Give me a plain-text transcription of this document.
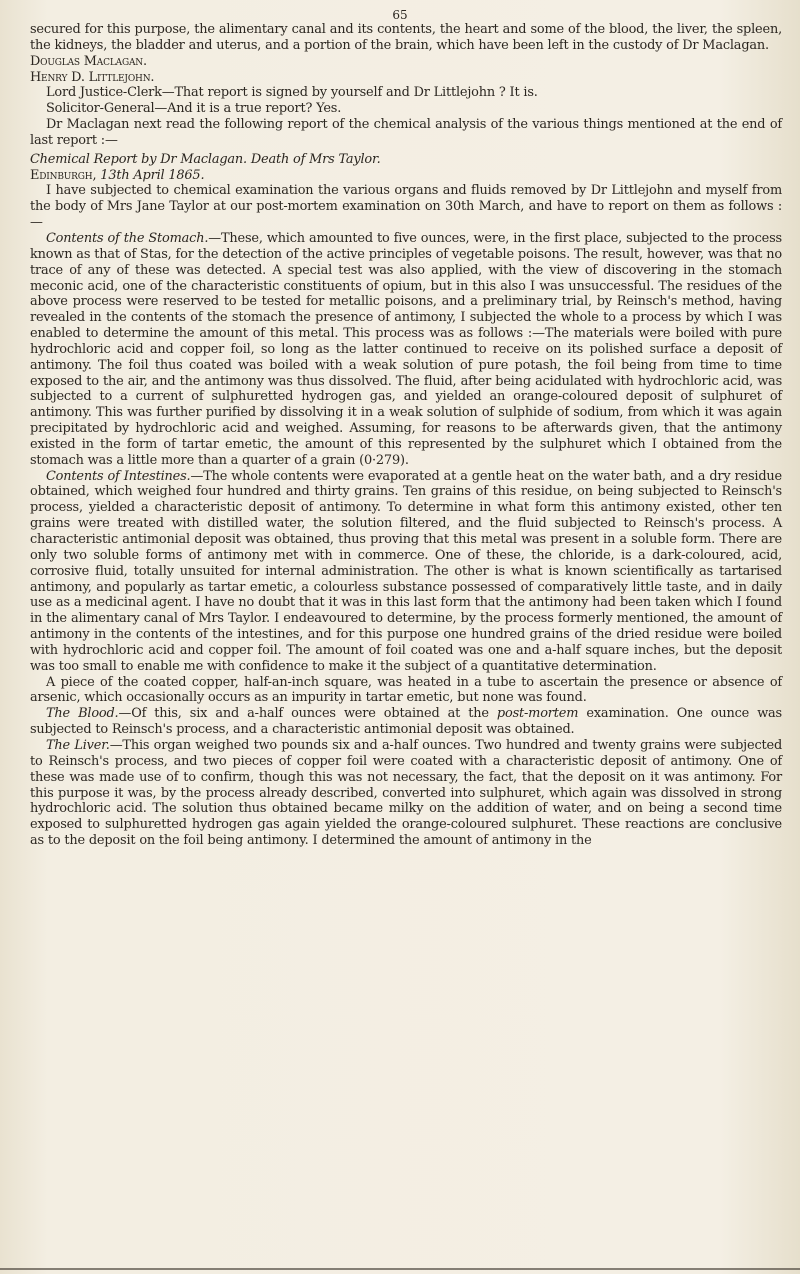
65

secured for this purpose, the alimentary canal and its contents, the heart and some of the blood, the liver, the spleen, the kidneys, the bladder and uterus, and a portion of the brain, which have been left in the custody of Dr Maclagan.

Douglas Maclagan.

Henry D. Littlejohn.

Lord Justice-Clerk—That report is signed by yourself and Dr Littlejohn ? It is.

Solicitor-General—And it is a true report? Yes.

Dr Maclagan next read the following report of the chemical analysis of the various things mentioned at the end of last report :—

Chemical Report by Dr Maclagan. Death of Mrs Taylor.

Edinburgh, 13th April 1865.

I have subjected to chemical examination the various organs and fluids removed by Dr Littlejohn and myself from the body of Mrs Jane Taylor at our post-mortem examination on 30th March, and have to report on them as follows :—

Contents of the Stomach.—These, which amounted to five ounces, were, in the first place, subjected to the process known as that of Stas, for the detection of the active principles of vegetable poisons. The result, however, was that no trace of any of these was detected. A special test was also applied, with the view of discovering in the stomach meconic acid, one of the characteristic constituents of opium, but in this also I was unsuccessful. The residues of the above process were reserved to be tested for metallic poisons, and a preliminary trial, by Reinsch's method, having revealed in the contents of the stomach the presence of antimony, I subjected the whole to a process by which I was enabled to determine the amount of this metal. This process was as follows :—The materials were boiled with pure hydrochloric acid and copper foil, so long as the latter continued to receive on its polished surface a deposit of antimony. The foil thus coated was boiled with a weak solution of pure potash, the foil being from time to time exposed to the air, and the antimony was thus dissolved. The fluid, after being acidulated with hydrochloric acid, was subjected to a current of sulphuretted hydrogen gas, and yielded an orange-coloured deposit of sulphuret of antimony. This was further purified by dissolving it in a weak solution of sulphide of sodium, from which it was again precipitated by hydrochloric acid and weighed. Assuming, for reasons to be afterwards given, that the antimony existed in the form of tartar emetic, the amount of this represented by the sulphuret which I obtained from the stomach was a little more than a quarter of a grain (0·279).

Contents of Intestines.—The whole contents were evaporated at a gentle heat on the water bath, and a dry residue obtained, which weighed four hundred and thirty grains. Ten grains of this residue, on being subjected to Reinsch's process, yielded a characteristic deposit of antimony. To determine in what form this antimony existed, other ten grains were treated with distilled water, the solution filtered, and the fluid subjected to Reinsch's process. A characteristic antimonial deposit was obtained, thus proving that this metal was present in a soluble form. There are only two soluble forms of antimony met with in commerce. One of these, the chloride, is a dark-coloured, acid, corrosive fluid, totally unsuited for internal administration. The other is what is known scientifically as tartarised antimony, and popularly as tartar emetic, a colourless substance possessed of comparatively little taste, and in daily use as a medicinal agent. I have no doubt that it was in this last form that the antimony had been taken which I found in the alimentary canal of Mrs Taylor. I endeavoured to determine, by the process formerly mentioned, the amount of antimony in the contents of the intestines, and for this purpose one hundred grains of the dried residue were boiled with hydrochloric acid and copper foil. The amount of foil coated was one and a-half square inches, but the deposit was too small to enable me with confidence to make it the subject of a quantitative determination.

A piece of the coated copper, half-an-inch square, was heated in a tube to ascertain the presence or absence of arsenic, which occasionally occurs as an impurity in tartar emetic, but none was found.

The Blood.—Of this, six and a-half ounces were obtained at the post-mortem examination. One ounce was subjected to Reinsch's process, and a characteristic antimonial deposit was obtained.

The Liver.—This organ weighed two pounds six and a-half ounces. Two hundred and twenty grains were subjected to Reinsch's process, and two pieces of copper foil were coated with a characteristic deposit of antimony. One of these was made use of to confirm, though this was not necessary, the fact, that the deposit on it was antimony. For this purpose it was, by the process already described, converted into sulphuret, which again was dissolved in strong hydrochloric acid. The solution thus obtained became milky on the addition of water, and on being a second time exposed to sulphuretted hydrogen gas again yielded the orange-coloured sulphuret. These reactions are conclusive as to the deposit on the foil being antimony. I determined the amount of antimony in the
